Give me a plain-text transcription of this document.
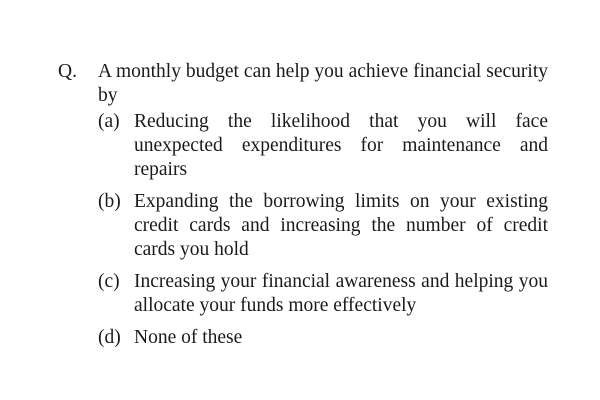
Q.	A monthly budget can help you achieve financial security by
(a) Reducing the likelihood that you will face unexpected expenditures for maintenance and repairs
(b) Expanding the borrowing limits on your existing credit cards and increasing the number of credit cards you hold
(c) Increasing your financial awareness and helping you allocate your funds more effectively
(d) None of these
